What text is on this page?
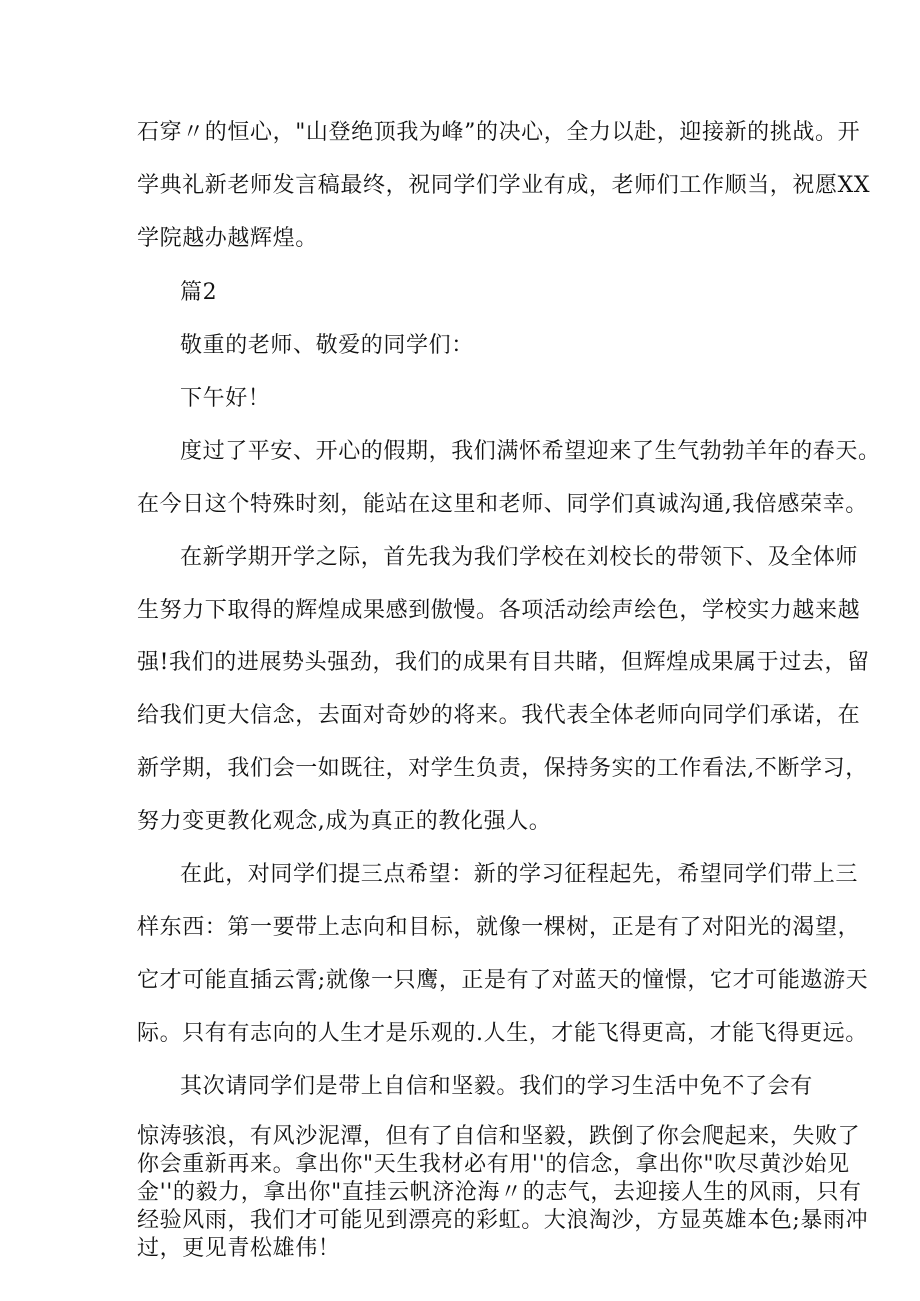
石穿〃的恒心，"山登绝顶我为峰”的决心，全力以赴，迎接新的挑战。开
学典礼新老师发言稿最终，祝同学们学业有成，老师们工作顺当，祝愿XX
学院越办越辉煌。
篇2
敬重的老师、敬爱的同学们：
下午好！
度过了平安、开心的假期，我们满怀希望迎来了生气勃勃羊年的春天。
在今日这个特殊时刻，能站在这里和老师、同学们真诚沟通,我倍感荣幸。
在新学期开学之际，首先我为我们学校在刘校长的带领下、及全体师
生努力下取得的辉煌成果感到傲慢。各项活动绘声绘色，学校实力越来越
强!我们的进展势头强劲，我们的成果有目共睹，但辉煌成果属于过去，留
给我们更大信念，去面对奇妙的将来。我代表全体老师向同学们承诺，在
新学期，我们会一如既往，对学生负责，保持务实的工作看法,不断学习，
努力变更教化观念,成为真正的教化强人。
在此，对同学们提三点希望：新的学习征程起先，希望同学们带上三
样东西：第一要带上志向和目标，就像一棵树，正是有了对阳光的渴望，
它才可能直插云霄;就像一只鹰，正是有了对蓝天的憧憬，它才可能遨游天
际。只有有志向的人生才是乐观的.人生，才能飞得更高，才能飞得更远。
其次请同学们是带上自信和坚毅。我们的学习生活中免不了会有
惊涛骇浪，有风沙泥潭，但有了自信和坚毅，跌倒了你会爬起来，失败了
你会重新再来。拿出你"天生我材必有用''的信念，拿出你"吹尽黄沙始见
金''的毅力，拿出你"直挂云帆济沧海〃的志气，去迎接人生的风雨，只有
经验风雨，我们才可能见到漂亮的彩虹。大浪淘沙，方显英雄本色;暴雨冲
过，更见青松雄伟！
